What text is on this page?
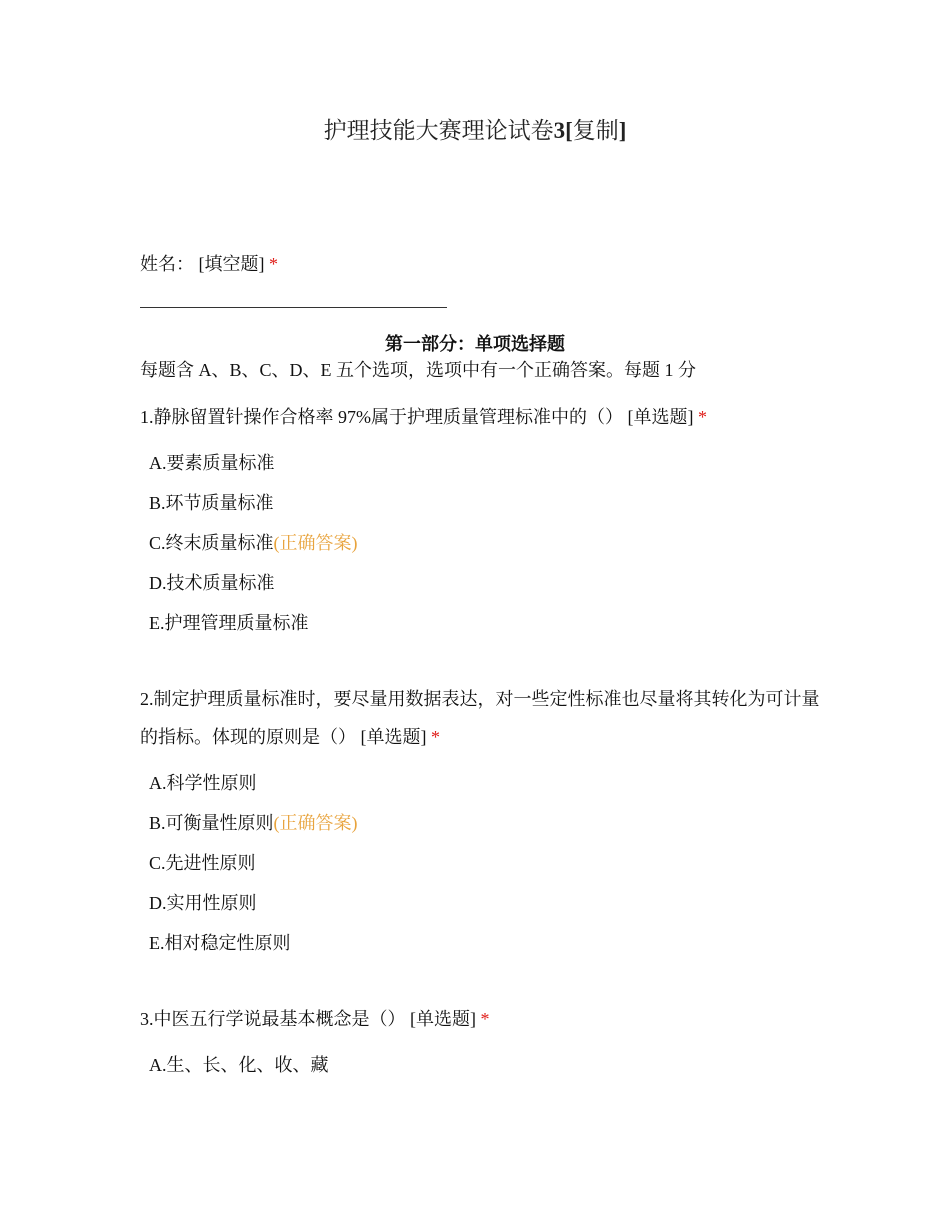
护理技能大赛理论试卷3[复制]
姓名： [填空题] *
第一部分：单项选择题
每题含 A、B、C、D、E 五个选项，选项中有一个正确答案。每题 1 分
1.静脉留置针操作合格率 97%属于护理质量管理标准中的（） [单选题] *
A.要素质量标准
B.环节质量标准
C.终末质量标准(正确答案)
D.技术质量标准
E.护理管理质量标准
2.制定护理质量标准时，要尽量用数据表达，对一些定性标准也尽量将其转化为可计量的指标。体现的原则是（） [单选题] *
A.科学性原则
B.可衡量性原则(正确答案)
C.先进性原则
D.实用性原则
E.相对稳定性原则
3.中医五行学说最基本概念是（） [单选题] *
A.生、长、化、收、藏
